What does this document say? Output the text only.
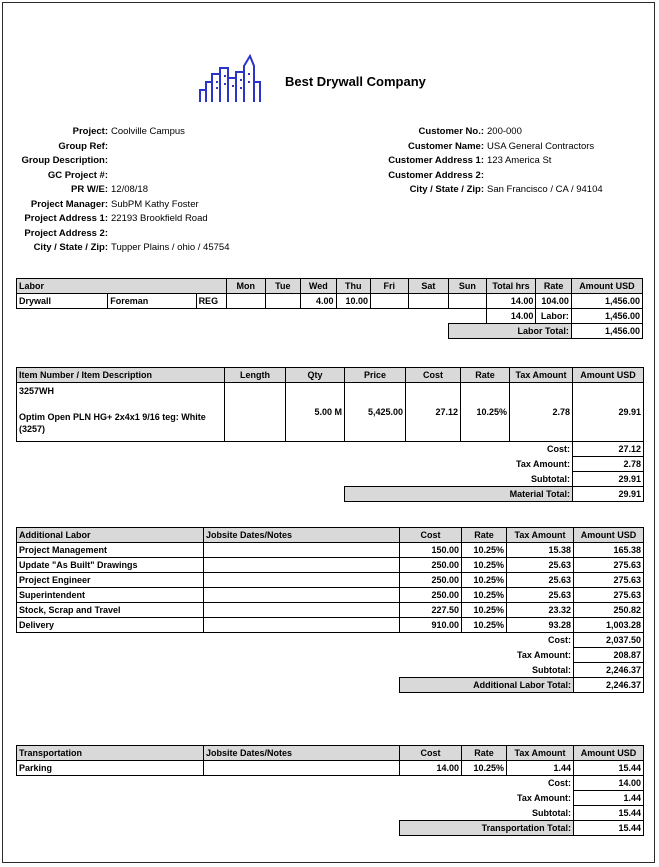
Best Drywall Company
Project: Coolville Campus
Group Ref:
Group Description:
GC Project #:
PR W/E: 12/08/18
Project Manager: SubPM Kathy Foster
Project Address 1: 22193 Brookfield Road
Project Address 2:
City / State / Zip: Tupper Plains / ohio / 45754
Customer No.: 200-000
Customer Name: USA General Contractors
Customer Address 1: 123 America St
Customer Address 2:
City / State / Zip: San Francisco / CA / 94104
Labor			Mon	Tue	Wed	Thu	Fri	Sat	Sun	Total hrs	Rate	Amount USD
Drywall	Foreman	REG			4.00	10.00				14.00	104.00	1,456.00
										14.00	Labor:	1,456.00
									Labor Total:			1,456.00
Item Number / Item Description	Length	Qty	Price	Cost	Rate	Tax Amount	Amount USD

3257WH
Optim Open PLN HG+ 2x4x1 9/16 teg: White (3257)		5.00 M	5,425.00	27.12	10.25%	2.78	29.91
						Cost:	27.12
						Tax Amount:	2.78
						Subtotal:	29.91
			Material Total:				29.91
Additional Labor	Jobsite Dates/Notes	Cost	Rate	Tax Amount	Amount USD
Project Management		150.00	10.25%	15.38	165.38
Update "As Built" Drawings		250.00	10.25%	25.63	275.63
Project Engineer		250.00	10.25%	25.63	275.63
Superintendent		250.00	10.25%	25.63	275.63
Stock, Scrap and Travel		227.50	10.25%	23.32	250.82
Delivery		910.00	10.25%	93.28	1,003.28
				Cost:	2,037.50
				Tax Amount:	208.87
				Subtotal:	2,246.37
		Additional Labor Total:			2,246.37
Transportation	Jobsite Dates/Notes	Cost	Rate	Tax Amount	Amount USD
Parking		14.00	10.25%	1.44	15.44
				Cost:	14.00
				Tax Amount:	1.44
				Subtotal:	15.44
		Transportation Total:			15.44
